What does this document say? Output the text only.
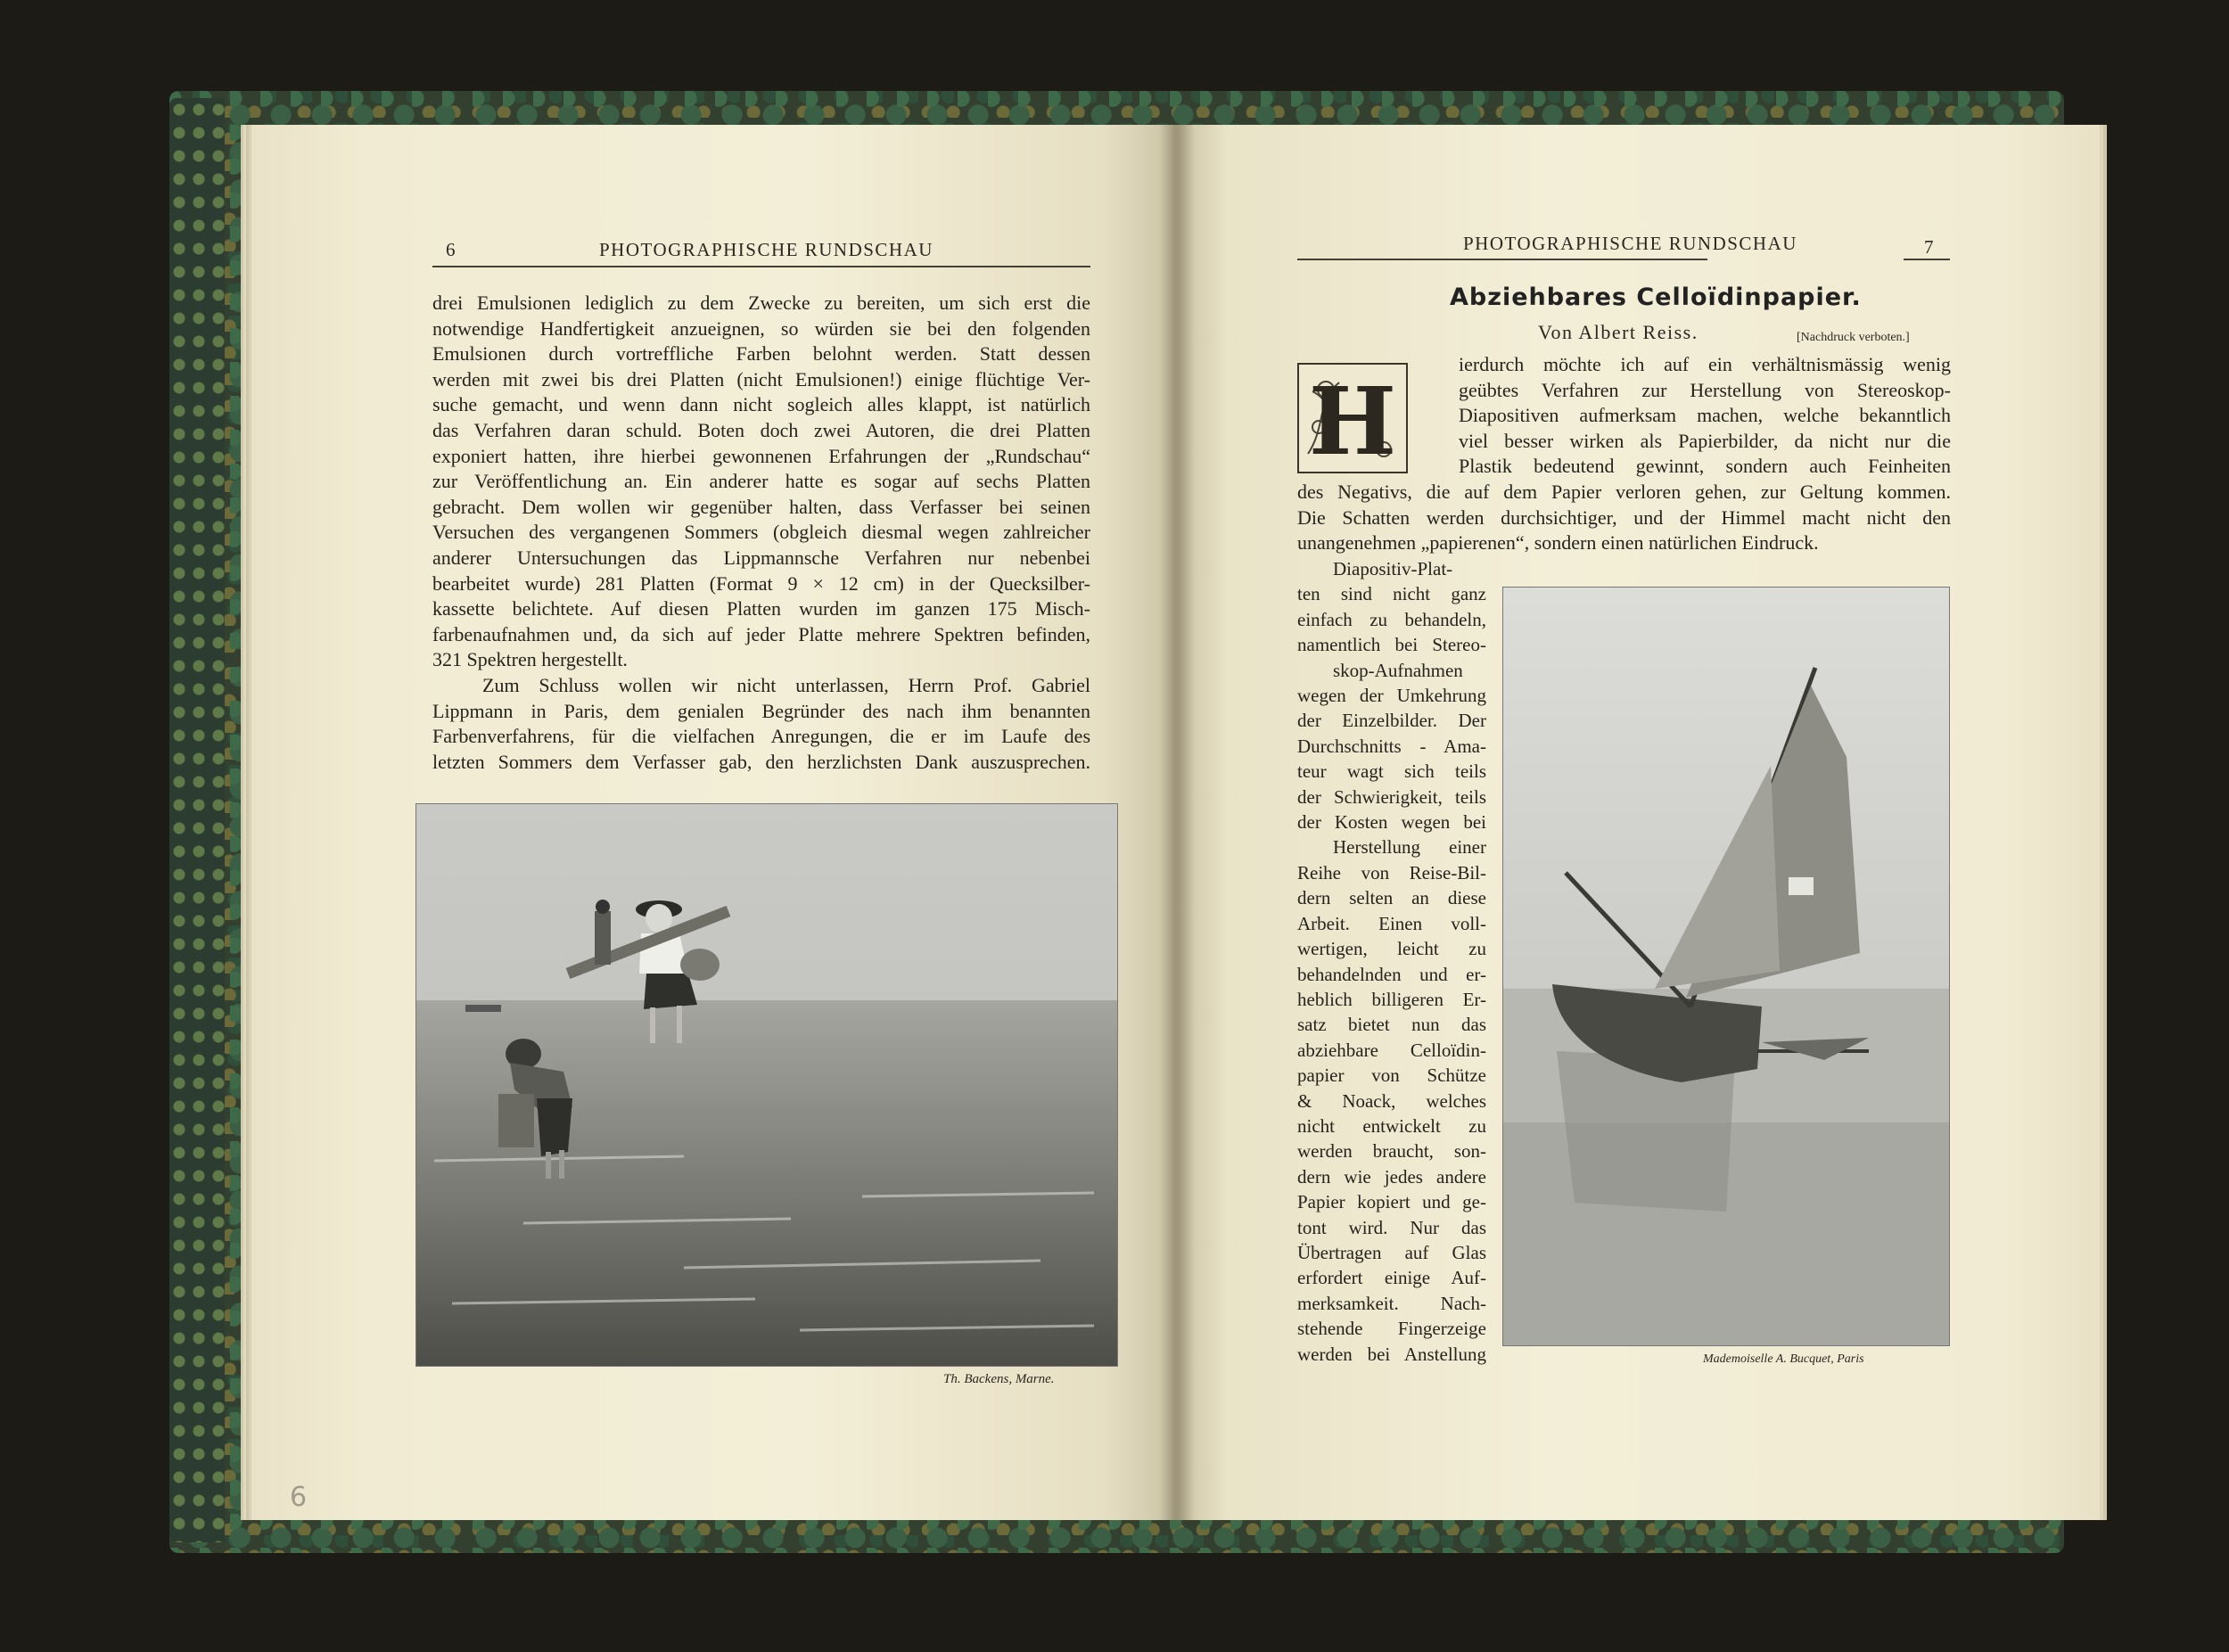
6	PHOTOGRAPHISCHE RUNDSCHAU
drei Emulsionen lediglich zu dem Zwecke zu bereiten, um sich erst die
notwendige Handfertigkeit anzueignen, so würden sie bei den folgenden
Emulsionen durch vortreffliche Farben belohnt werden. Statt dessen
werden mit zwei bis drei Platten (nicht Emulsionen!) einige flüchtige Ver-
suche gemacht, und wenn dann nicht sogleich alles klappt, ist natürlich
das Verfahren daran schuld. Boten doch zwei Autoren, die drei Platten
exponiert hatten, ihre hierbei gewonnenen Erfahrungen der „Rundschau“
zur Veröffentlichung an. Ein anderer hatte es sogar auf sechs Platten
gebracht. Dem wollen wir gegenüber halten, dass Verfasser bei seinen
Versuchen des vergangenen Sommers (obgleich diesmal wegen zahlreicher
anderer Untersuchungen das Lippmannsche Verfahren nur nebenbei
bearbeitet wurde) 281 Platten (Format 9 × 12 cm) in der Quecksilber-
kassette belichtete. Auf diesen Platten wurden im ganzen 175 Misch-
farbenaufnahmen und, da sich auf jeder Platte mehrere Spektren befinden,
321 Spektren hergestellt.
Zum Schluss wollen wir nicht unterlassen, Herrn Prof. Gabriel
Lippmann in Paris, dem genialen Begründer des nach ihm benannten
Farbenverfahrens, für die vielfachen Anregungen, die er im Laufe des
letzten Sommers dem Verfasser gab, den herzlichsten Dank auszusprechen.
Th. Backens, Marne.
PHOTOGRAPHISCHE RUNDSCHAU	7
Abziehbares Celloïdinpapier.
Von Albert Reiss.	[Nachdruck verboten.]
H
ierdurch möchte ich auf ein verhältnismässig wenig
geübtes Verfahren zur Herstellung von Stereoskop-
Diapositiven aufmerksam machen, welche bekanntlich
viel besser wirken als Papierbilder, da nicht nur die
Plastik bedeutend gewinnt, sondern auch Feinheiten
des Negativs, die auf dem Papier verloren gehen, zur Geltung kommen.
Die Schatten werden durchsichtiger, und der Himmel macht nicht den
unangenehmen „papierenen“, sondern einen natürlichen Eindruck.
Diapositiv-Plat-
ten sind nicht ganz
einfach zu behandeln,
namentlich bei Stereo-
skop-Aufnahmen
wegen der Umkehrung
der Einzelbilder. Der
Durchschnitts - Ama-
teur wagt sich teils
der Schwierigkeit, teils
der Kosten wegen bei
Herstellung einer
Reihe von Reise-Bil-
dern selten an diese
Arbeit. Einen voll-
wertigen, leicht zu
behandelnden und er-
heblich billigeren Er-
satz bietet nun das
abziehbare Celloïdin-
papier von Schütze
& Noack, welches
nicht entwickelt zu
werden braucht, son-
dern wie jedes andere
Papier kopiert und ge-
tont wird. Nur das
Übertragen auf Glas
erfordert einige Auf-
merksamkeit. Nach-
stehende Fingerzeige
werden bei Anstellung	Mademoiselle A. Bucquet, Paris
6
